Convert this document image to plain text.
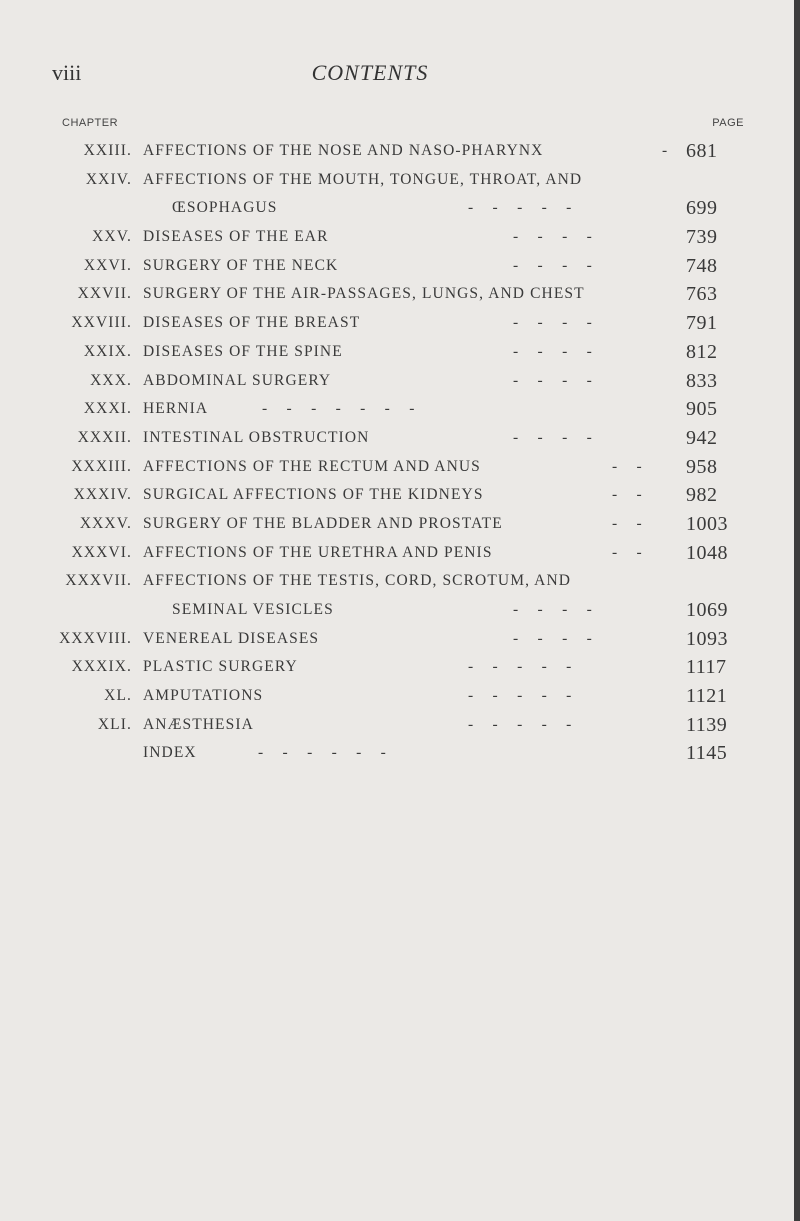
viii	CONTENTS
CHAPTER	PAGE
XXIII. AFFECTIONS OF THE NOSE AND NASO-PHARYNX	- 681
XXIV. AFFECTIONS OF THE MOUTH, TONGUE, THROAT, AND
ŒSOPHAGUS	-     -     -     -     -	699
XXV. DISEASES OF THE EAR	-     -     -     -	739
XXVI. SURGERY OF THE NECK	-     -     -     -	748
XXVII. SURGERY OF THE AIR-PASSAGES, LUNGS, AND CHEST	763
XXVIII. DISEASES OF THE BREAST	-     -     -     -	791
XXIX. DISEASES OF THE SPINE	-     -     -     -	812
XXX. ABDOMINAL SURGERY	-     -     -     -	833
XXXI. HERNIA	-     -     -     -     -     -     -	905
XXXII. INTESTINAL OBSTRUCTION	-     -     -     -	942
XXXIII. AFFECTIONS OF THE RECTUM AND ANUS	-     - 958
XXXIV. SURGICAL AFFECTIONS OF THE KIDNEYS	-     - 982
XXXV. SURGERY OF THE BLADDER AND PROSTATE	-     - 1003
XXXVI. AFFECTIONS OF THE URETHRA AND PENIS	-     - 1048
XXXVII. AFFECTIONS OF THE TESTIS, CORD, SCROTUM, AND
SEMINAL VESICLES	-     -     -     -	1069
XXXVIII. VENEREAL DISEASES	-     -     -     -	1093
XXXIX. PLASTIC SURGERY	-     -     -     -     -	1117
XL. AMPUTATIONS	-     -     -     -     -	1121
XLI. ANÆSTHESIA	-     -     -     -     -	1139
INDEX	-     -     -     -     -     -	1145
